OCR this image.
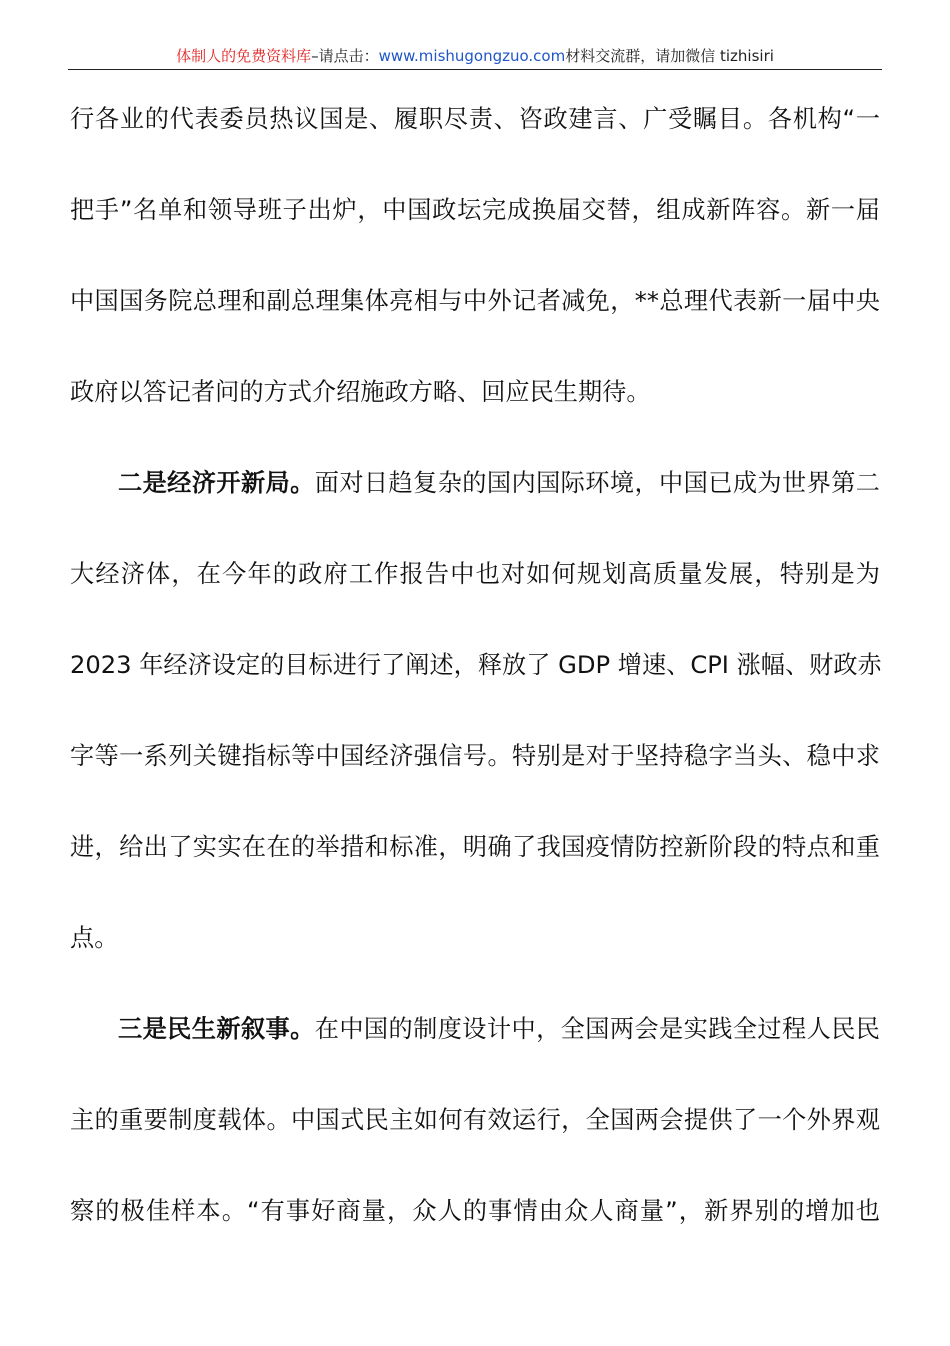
体制人的免费资料库–请点击：www.mishugongzuo.com材料交流群，请加微信 tizhisiri
行各业的代表委员热议国是、履职尽责、咨政建言、广受瞩目。各机构“一
把手”名单和领导班子出炉，中国政坛完成换届交替，组成新阵容。新一届
中国国务院总理和副总理集体亮相与中外记者减免，**总理代表新一届中央
政府以答记者问的方式介绍施政方略、回应民生期待。
二是经济开新局。面对日趋复杂的国内国际环境，中国已成为世界第二
大经济体，在今年的政府工作报告中也对如何规划高质量发展，特别是为
2023 年经济设定的目标进行了阐述，释放了 GDP 增速、CPI 涨幅、财政赤
字等一系列关键指标等中国经济强信号。特别是对于坚持稳字当头、稳中求
进，给出了实实在在的举措和标准，明确了我国疫情防控新阶段的特点和重
点。
三是民生新叙事。在中国的制度设计中，全国两会是实践全过程人民民
主的重要制度载体。中国式民主如何有效运行，全国两会提供了一个外界观
察的极佳样本。“有事好商量，众人的事情由众人商量”，新界别的增加也
